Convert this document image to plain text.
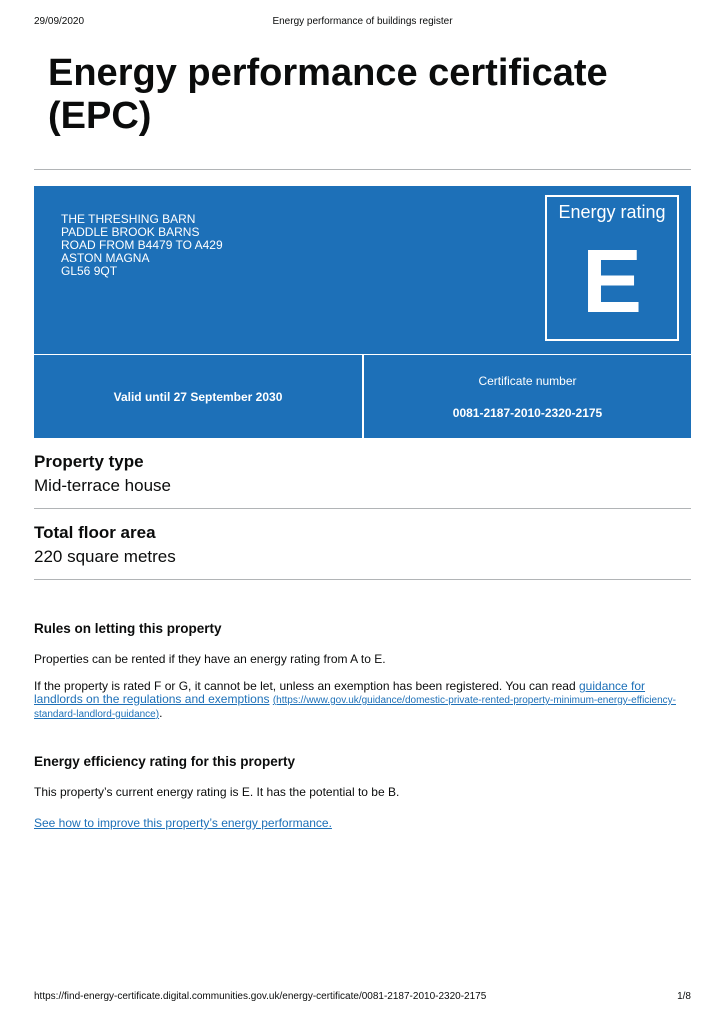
29/09/2020	Energy performance of buildings register
Energy performance certificate (EPC)
THE THRESHING BARN
PADDLE BROOK BARNS
ROAD FROM B4479 TO A429
ASTON MAGNA
GL56 9QT
Energy rating
E
Valid until 27 September 2030
Certificate number
0081-2187-2010-2320-2175
Property type
Mid-terrace house
Total floor area
220 square metres
Rules on letting this property
Properties can be rented if they have an energy rating from A to E.
If the property is rated F or G, it cannot be let, unless an exemption has been registered. You can read guidance for landlords on the regulations and exemptions (https://www.gov.uk/guidance/domestic-private-rented-property-minimum-energy-efficiency-standard-landlord-guidance).
Energy efficiency rating for this property
This property’s current energy rating is E. It has the potential to be B.
See how to improve this property’s energy performance.
https://find-energy-certificate.digital.communities.gov.uk/energy-certificate/0081-2187-2010-2320-2175	1/8
